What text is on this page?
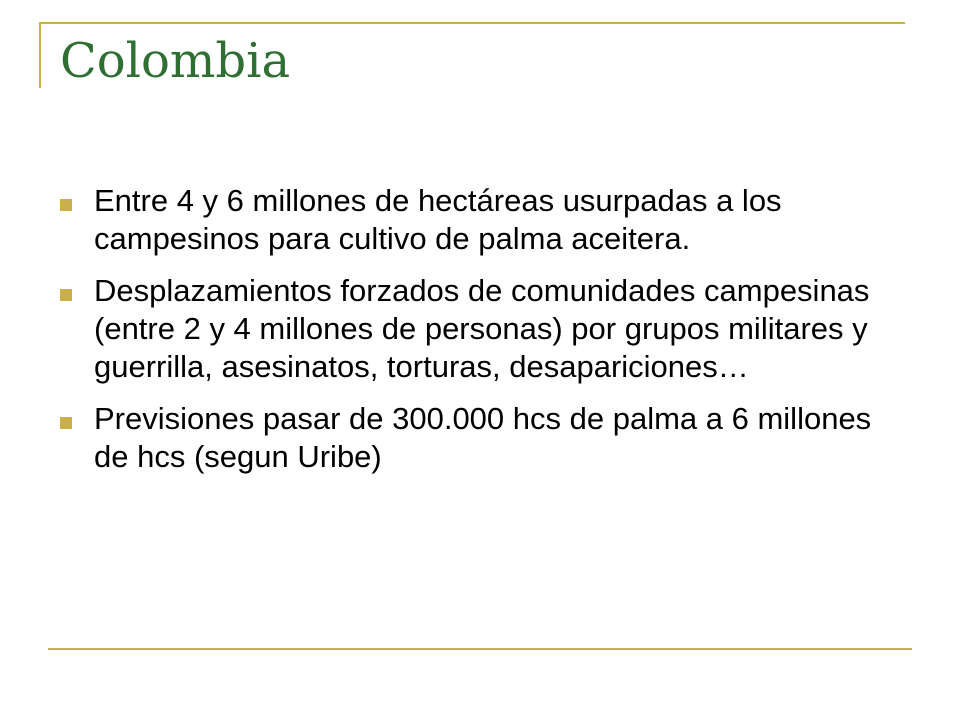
Colombia
Entre 4 y 6 millones de hectáreas usurpadas a los campesinos para cultivo de palma aceitera.
Desplazamientos forzados de comunidades campesinas (entre 2 y 4 millones de personas) por grupos militares y guerrilla, asesinatos, torturas, desapariciones…
Previsiones pasar de 300.000 hcs de palma a 6 millones de hcs (segun Uribe)
